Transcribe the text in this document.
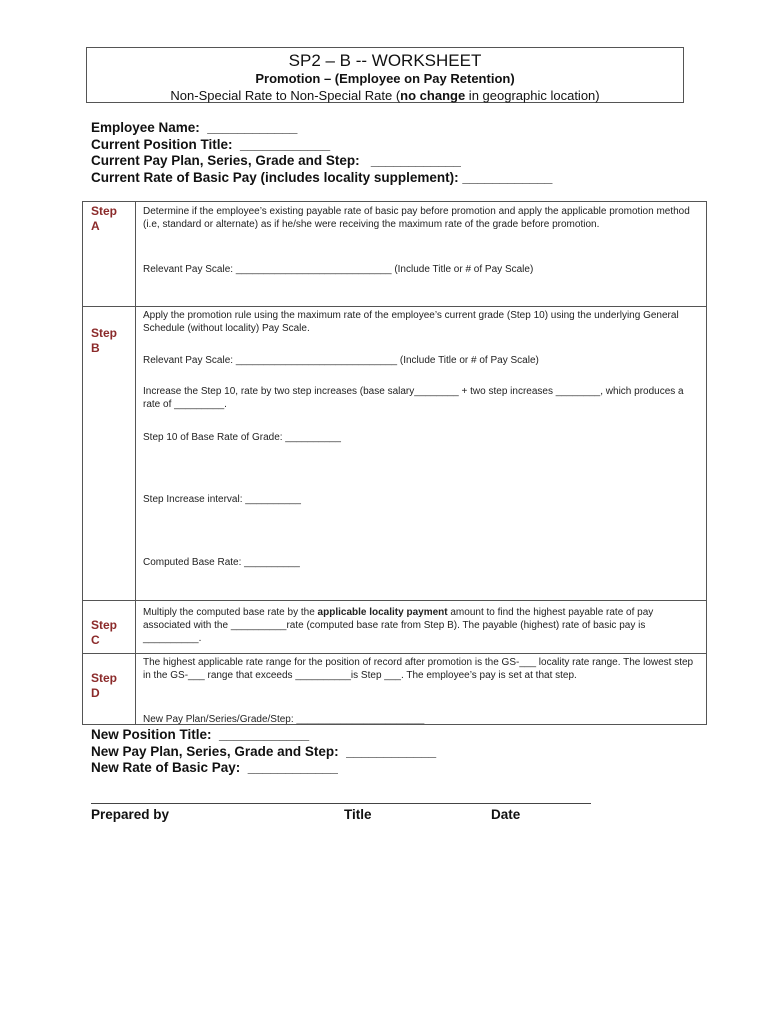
SP2 – B -- WORKSHEET
Promotion – (Employee on Pay Retention)
Non-Special Rate to Non-Special Rate (no change in geographic location)
Employee Name:  ____________
Current Position Title:  ____________
Current Pay Plan, Series, Grade and Step:   ____________
Current Rate of Basic Pay (includes locality supplement): ____________
Step
A

Determine if the employee’s existing payable rate of basic pay before promotion and apply the applicable promotion method (i.e, standard or alternate) as if he/she were receiving the maximum rate of the grade before promotion.

Relevant Pay Scale: ____________________________ (Include Title or # of Pay Scale)

Step
B

Apply the promotion rule using the maximum rate of the employee’s current grade (Step 10) using the underlying General Schedule (without locality) Pay Scale.

Relevant Pay Scale: _____________________________ (Include Title or # of Pay Scale)

Increase the Step 10, rate by two step increases (base salary________ + two step increases ________, which produces a rate of _________.

Step 10 of Base Rate of Grade: __________

Step Increase interval: __________

Computed Base Rate: __________

Step
C

Multiply the computed base rate by the applicable locality payment amount to find the highest payable rate of pay associated with the __________rate (computed base rate from Step B). The payable (highest) rate of basic pay is __________.

Step
D

The highest applicable rate range for the position of record after promotion is the GS-___ locality rate range. The lowest step in the GS-___ range that exceeds __________is Step ___. The employee’s pay is set at that step.

New Pay Plan/Series/Grade/Step: _______________________

New Position Title:  ____________
New Pay Plan, Series, Grade and Step:  ____________
New Rate of Basic Pay:  ____________
Prepared by	Title	Date
